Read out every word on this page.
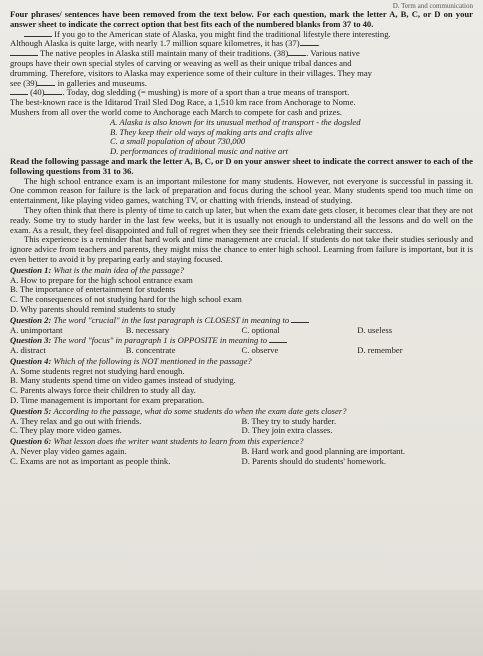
D. Term and communication

Four phrases/ sentences have been removed from the text below. For each question, mark the letter A, B, C, or D on your answer sheet to indicate the correct option that best fits each of the numbered blanks from 37 to 40.

If you go to the American state of Alaska, you might find the traditional lifestyle there interesting.

Although Alaska is quite large, with nearly 1.7 million square kilometres, it has (37) .

The native peoples in Alaska still maintain many of their traditions. (38) . Various native

groups have their own special styles of carving or weaving as well as their unique tribal dances and

drumming. Therefore, visitors to Alaska may experience some of their culture in their villages. They may

see (39) in galleries and museums.

(40) . Today, dog sledding (= mushing) is more of a sport than a true means of transport.

The best-known race is the Iditarod Trail Sled Dog Race, a 1,510 km race from Anchorage to Nome.

Mushers from all over the world come to Anchorage each March to compete for cash and prizes.

A. Alaska is also known for its unusual method of transport - the dogsled

B. They keep their old ways of making arts and crafts alive

C. a small population of about 730,000

D. performances of traditional music and native art

Read the following passage and mark the letter A, B, C, or D on your answer sheet to indicate the correct answer to each of the following questions from 31 to 36.

The high school entrance exam is an important milestone for many students. However, not everyone is successful in passing it. One common reason for failure is the lack of preparation and focus during the school year. Many students spend too much time on entertainment, like playing video games, watching TV, or chatting with friends, instead of studying.

They often think that there is plenty of time to catch up later, but when the exam date gets closer, it becomes clear that they are not ready. Some try to study harder in the last few weeks, but it is usually not enough to understand all the lessons and do well on the exam. As a result, they feel disappointed and full of regret when they see their friends celebrating their success.

This experience is a reminder that hard work and time management are crucial. If students do not take their studies seriously and ignore advice from teachers and parents, they might miss the chance to enter high school. Learning from failure is important, but it is even better to avoid it by preparing early and staying focused.

Question 1: What is the main idea of the passage?

A. How to prepare for the high school entrance exam

B. The importance of entertainment for students

C. The consequences of not studying hard for the high school exam

D. Why parents should remind students to study

Question 2: The word "crucial" in the last paragraph is CLOSEST in meaning to

A. unimportant	B. necessary	C. optional	D. useless

Question 3: The word "focus" in paragraph 1 is OPPOSITE in meaning to

A. distract	B. concentrate	C. observe	D. remember

Question 4: Which of the following is NOT mentioned in the passage?

A. Some students regret not studying hard enough.

B. Many students spend time on video games instead of studying.

C. Parents always force their children to study all day.

D. Time management is important for exam preparation.

Question 5: According to the passage, what do some students do when the exam date gets closer?

A. They relax and go out with friends.	B. They try to study harder.
C. They play more video games.	D. They join extra classes.

Question 6: What lesson does the writer want students to learn from this experience?

A. Never play video games again.	B. Hard work and good planning are important.
C. Exams are not as important as people think.	D. Parents should do students' homework.
